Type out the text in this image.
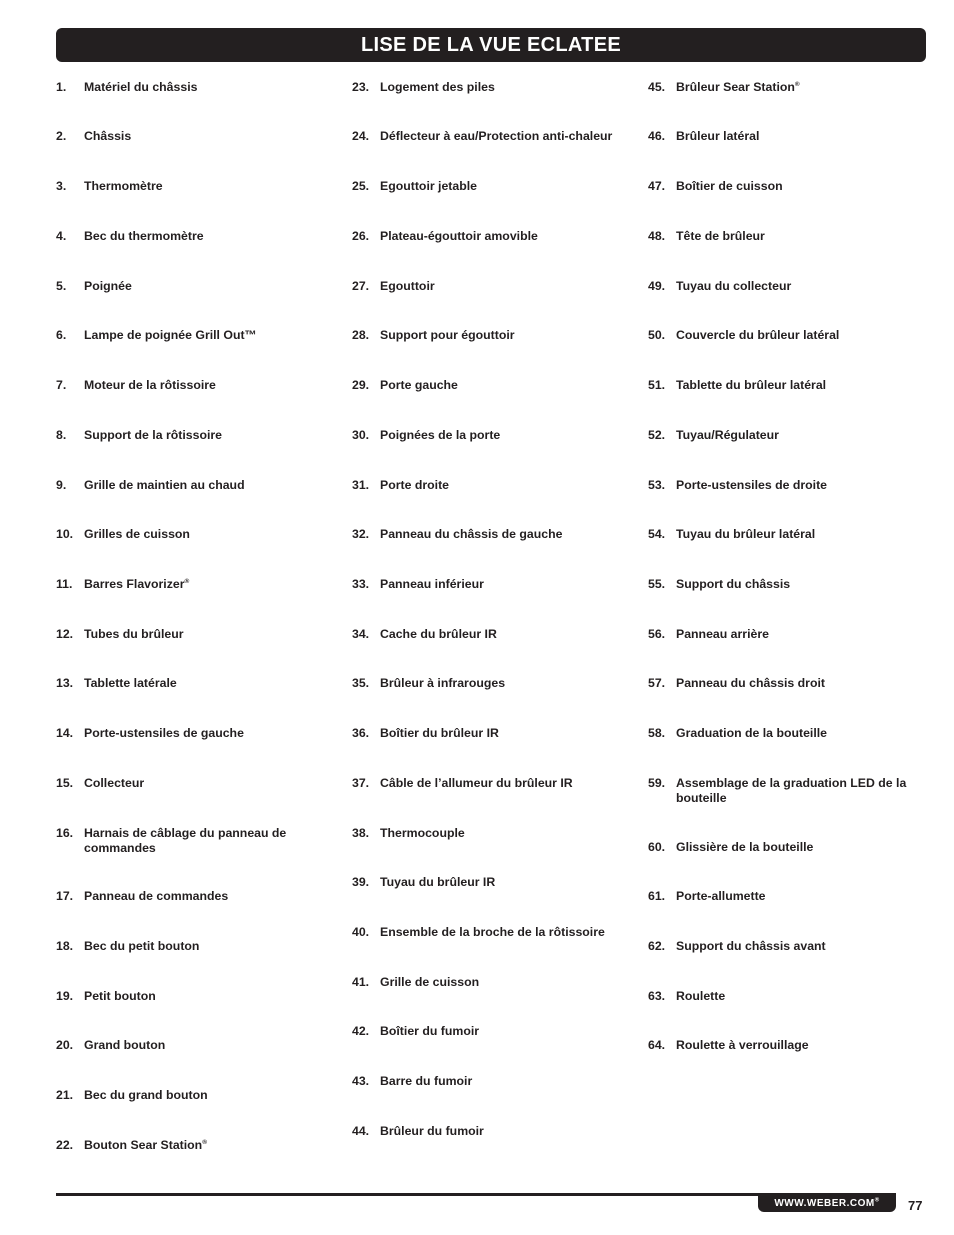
LISE DE LA VUE ECLATEE
1.	Matériel du châssis
2.	Châssis
3.	Thermomètre
4.	Bec du thermomètre
5.	Poignée
6.	Lampe de poignée Grill Out™
7.	Moteur de la rôtissoire
8.	Support de la rôtissoire
9.	Grille de maintien au chaud
10. Grilles de cuisson
11. Barres Flavorizer®
12. Tubes du brûleur
13. Tablette latérale
14. Porte-ustensiles de gauche
15. Collecteur
16. Harnais de câblage du panneau de commandes
17. Panneau de commandes
18. Bec du petit bouton
19. Petit bouton
20. Grand bouton
21. Bec du grand bouton
22. Bouton Sear Station®
23. Logement des piles
24. Déflecteur à eau/Protection anti-chaleur
25. Egouttoir jetable
26. Plateau-égouttoir amovible
27. Egouttoir
28. Support pour égouttoir
29. Porte gauche
30. Poignées de la porte
31. Porte droite
32. Panneau du châssis de gauche
33. Panneau inférieur
34. Cache du brûleur IR
35. Brûleur à infrarouges
36. Boîtier du brûleur IR
37. Câble de l’allumeur du brûleur IR
38. Thermocouple
39. Tuyau du brûleur IR
40. Ensemble de la broche de la rôtissoire
41. Grille de cuisson
42. Boîtier du fumoir
43. Barre du fumoir
44. Brûleur du fumoir
45. Brûleur Sear Station®
46. Brûleur latéral
47. Boîtier de cuisson
48. Tête de brûleur
49. Tuyau du collecteur
50. Couvercle du brûleur latéral
51. Tablette du brûleur latéral
52. Tuyau/Régulateur
53. Porte-ustensiles de droite
54. Tuyau du brûleur latéral
55. Support du châssis
56. Panneau arrière
57. Panneau du châssis droit
58. Graduation de la bouteille
59. Assemblage de la graduation LED de la bouteille
60. Glissière de la bouteille
61. Porte-allumette
62. Support du châssis avant
63. Roulette
64. Roulette à verrouillage
WWW.WEBER.COM® 77
